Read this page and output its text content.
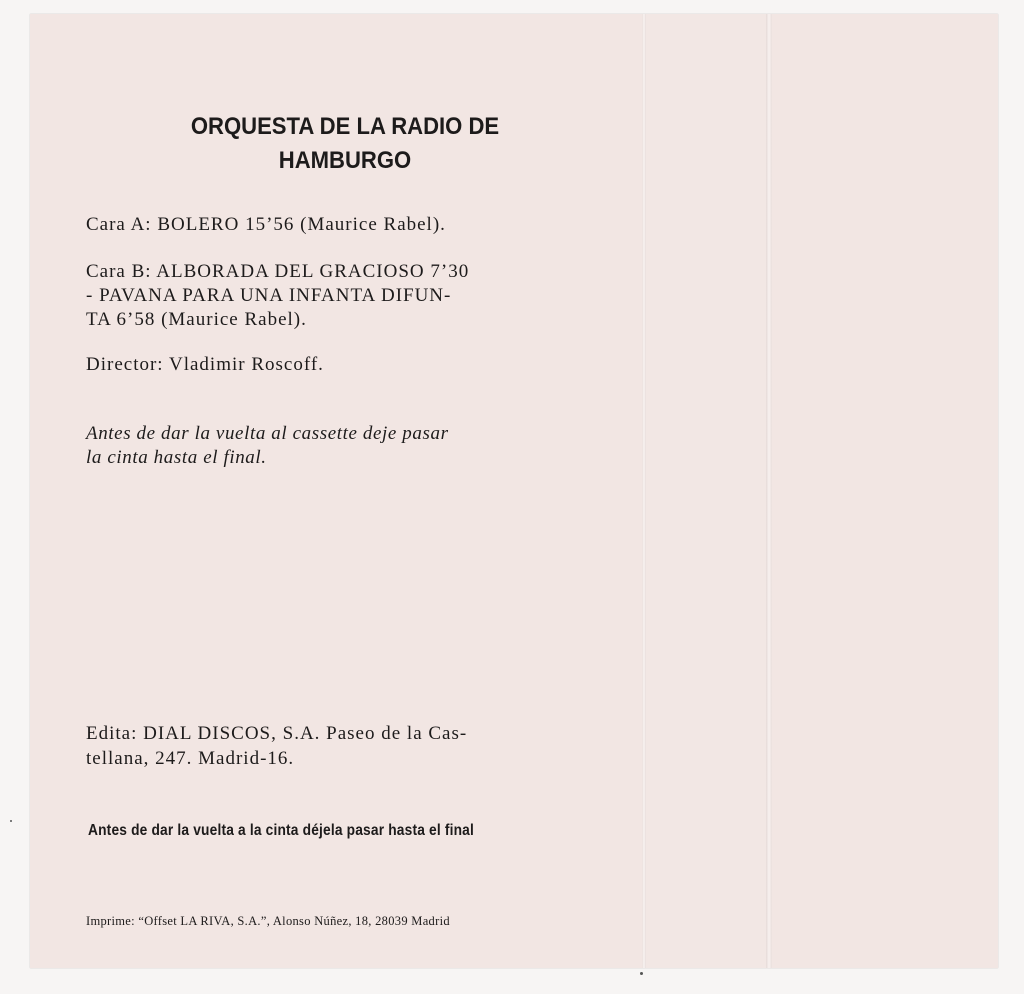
ORQUESTA DE LA RADIO DE
HAMBURGO
Cara A: BOLERO 15’56 (Maurice Rabel).
Cara B: ALBORADA DEL GRACIOSO 7’30
- PAVANA PARA UNA INFANTA DIFUN-
TA 6’58 (Maurice Rabel).
Director: Vladimir Roscoff.
Antes de dar la vuelta al cassette deje pasar
la cinta hasta el final.
Edita: DIAL DISCOS, S.A. Paseo de la Cas-
tellana, 247. Madrid-16.
Antes de dar la vuelta a la cinta déjela pasar hasta el final
Imprime: “Offset LA RIVA, S.A.”, Alonso Núñez, 18, 28039 Madrid
